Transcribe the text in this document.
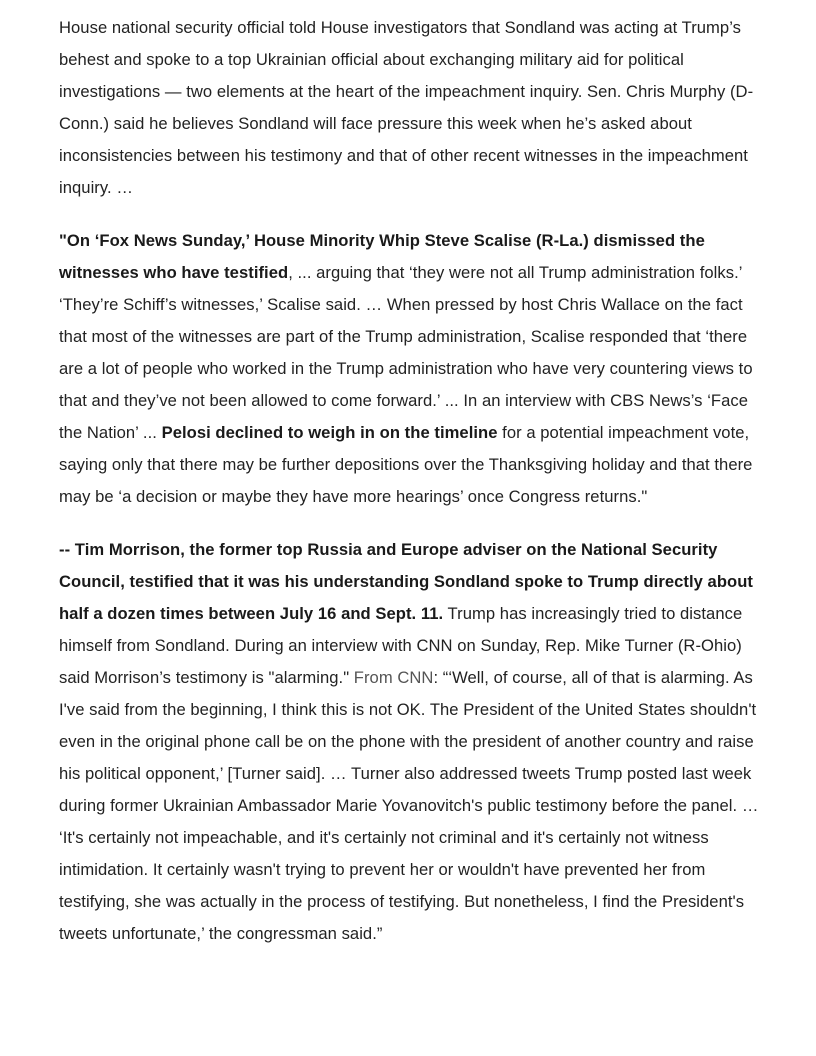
House national security official told House investigators that Sondland was acting at Trump’s behest and spoke to a top Ukrainian official about exchanging military aid for political investigations — two elements at the heart of the impeachment inquiry. Sen. Chris Murphy (D-Conn.) said he believes Sondland will face pressure this week when he’s asked about inconsistencies between his testimony and that of other recent witnesses in the impeachment inquiry. …

"On ‘Fox News Sunday,’ House Minority Whip Steve Scalise (R-La.) dismissed the witnesses who have testified, ... arguing that ‘they were not all Trump administration folks.’ ‘They’re Schiff’s witnesses,’ Scalise said. … When pressed by host Chris Wallace on the fact that most of the witnesses are part of the Trump administration, Scalise responded that ‘there are a lot of people who worked in the Trump administration who have very countering views to that and they’ve not been allowed to come forward.’ ... In an interview with CBS News’s ‘Face the Nation’ ... Pelosi declined to weigh in on the timeline for a potential impeachment vote, saying only that there may be further depositions over the Thanksgiving holiday and that there may be ‘a decision or maybe they have more hearings’ once Congress returns."

-- Tim Morrison, the former top Russia and Europe adviser on the National Security Council, testified that it was his understanding Sondland spoke to Trump directly about half a dozen times between July 16 and Sept. 11. Trump has increasingly tried to distance himself from Sondland. During an interview with CNN on Sunday, Rep. Mike Turner (R-Ohio) said Morrison’s testimony is "alarming." From CNN: “‘Well, of course, all of that is alarming. As I've said from the beginning, I think this is not OK. The President of the United States shouldn't even in the original phone call be on the phone with the president of another country and raise his political opponent,’ [Turner said]. … Turner also addressed tweets Trump posted last week during former Ukrainian Ambassador Marie Yovanovitch's public testimony before the panel. … ‘It's certainly not impeachable, and it's certainly not criminal and it's certainly not witness intimidation. It certainly wasn't trying to prevent her or wouldn't have prevented her from testifying, she was actually in the process of testifying. But nonetheless, I find the President's tweets unfortunate,’ the congressman said.”
